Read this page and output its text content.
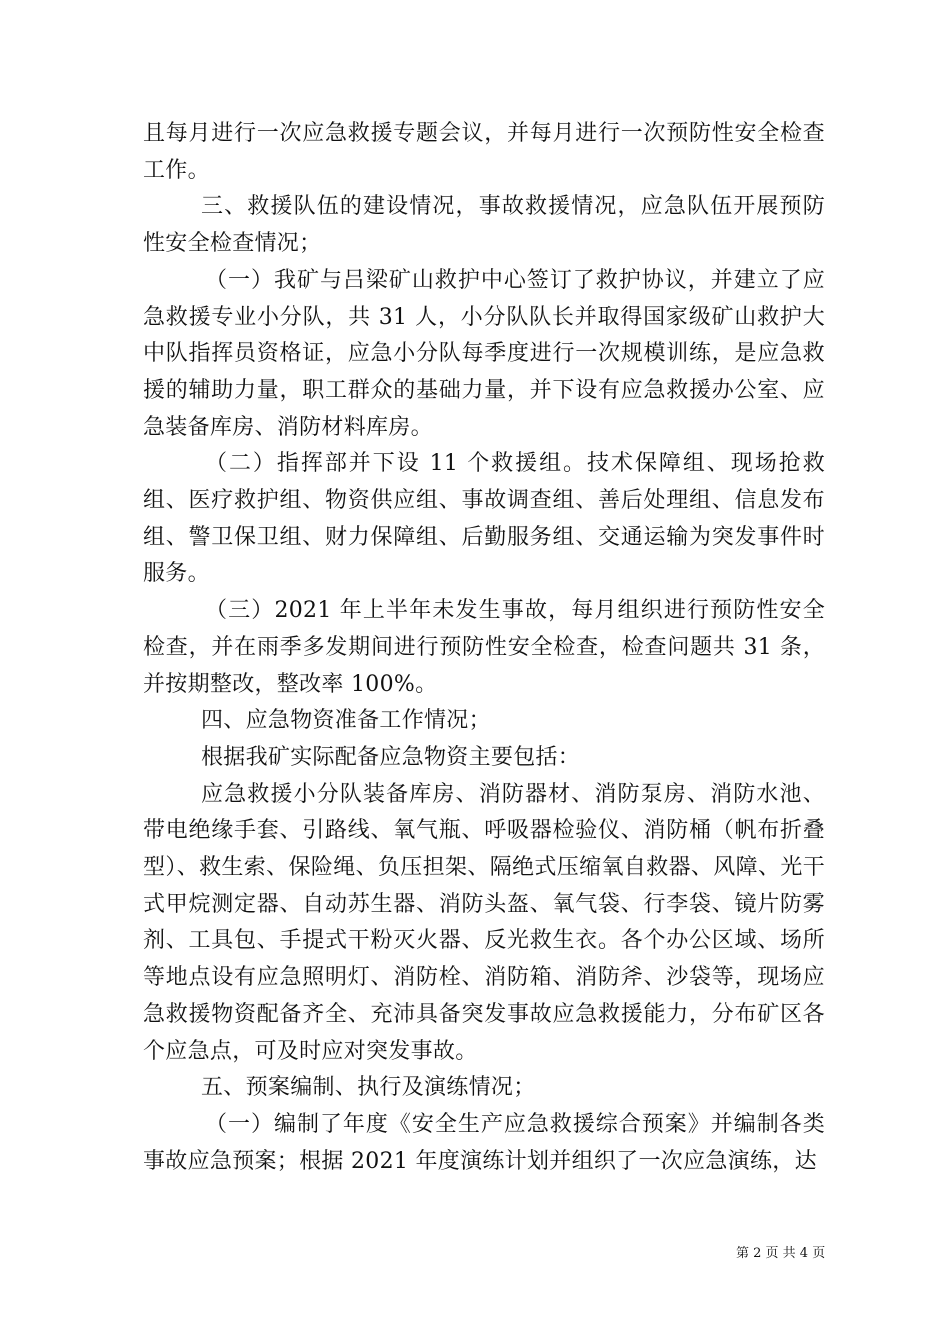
且每月进行一次应急救援专题会议，并每月进行一次预防性安全检查工作。

三、救援队伍的建设情况，事故救援情况，应急队伍开展预防性安全检查情况；

（一）我矿与吕梁矿山救护中心签订了救护协议，并建立了应急救援专业小分队，共 31 人，小分队队长并取得国家级矿山救护大中队指挥员资格证，应急小分队每季度进行一次规模训练，是应急救援的辅助力量，职工群众的基础力量，并下设有应急救援办公室、应急装备库房、消防材料库房。

（二）指挥部并下设 11 个救援组。技术保障组、现场抢救组、医疗救护组、物资供应组、事故调查组、善后处理组、信息发布组、警卫保卫组、财力保障组、后勤服务组、交通运输为突发事件时服务。

（三）2021 年上半年未发生事故，每月组织进行预防性安全检查，并在雨季多发期间进行预防性安全检查，检查问题共 31 条，并按期整改，整改率 100%。

四、应急物资准备工作情况；

根据我矿实际配备应急物资主要包括：

应急救援小分队装备库房、消防器材、消防泵房、消防水池、带电绝缘手套、引路线、氧气瓶、呼吸器检验仪、消防桶（帆布折叠型）、救生索、保险绳、负压担架、隔绝式压缩氧自救器、风障、光干式甲烷测定器、自动苏生器、消防头盔、氧气袋、行李袋、镜片防雾剂、工具包、手提式干粉灭火器、反光救生衣。各个办公区域、场所等地点设有应急照明灯、消防栓、消防箱、消防斧、沙袋等，现场应急救援物资配备齐全、充沛具备突发事故应急救援能力，分布矿区各个应急点，可及时应对突发事故。

五、预案编制、执行及演练情况；

（一）编制了年度《安全生产应急救援综合预案》并编制各类事故应急预案；根据 2021 年度演练计划并组织了一次应急演练，达

第 2 页 共 4 页
